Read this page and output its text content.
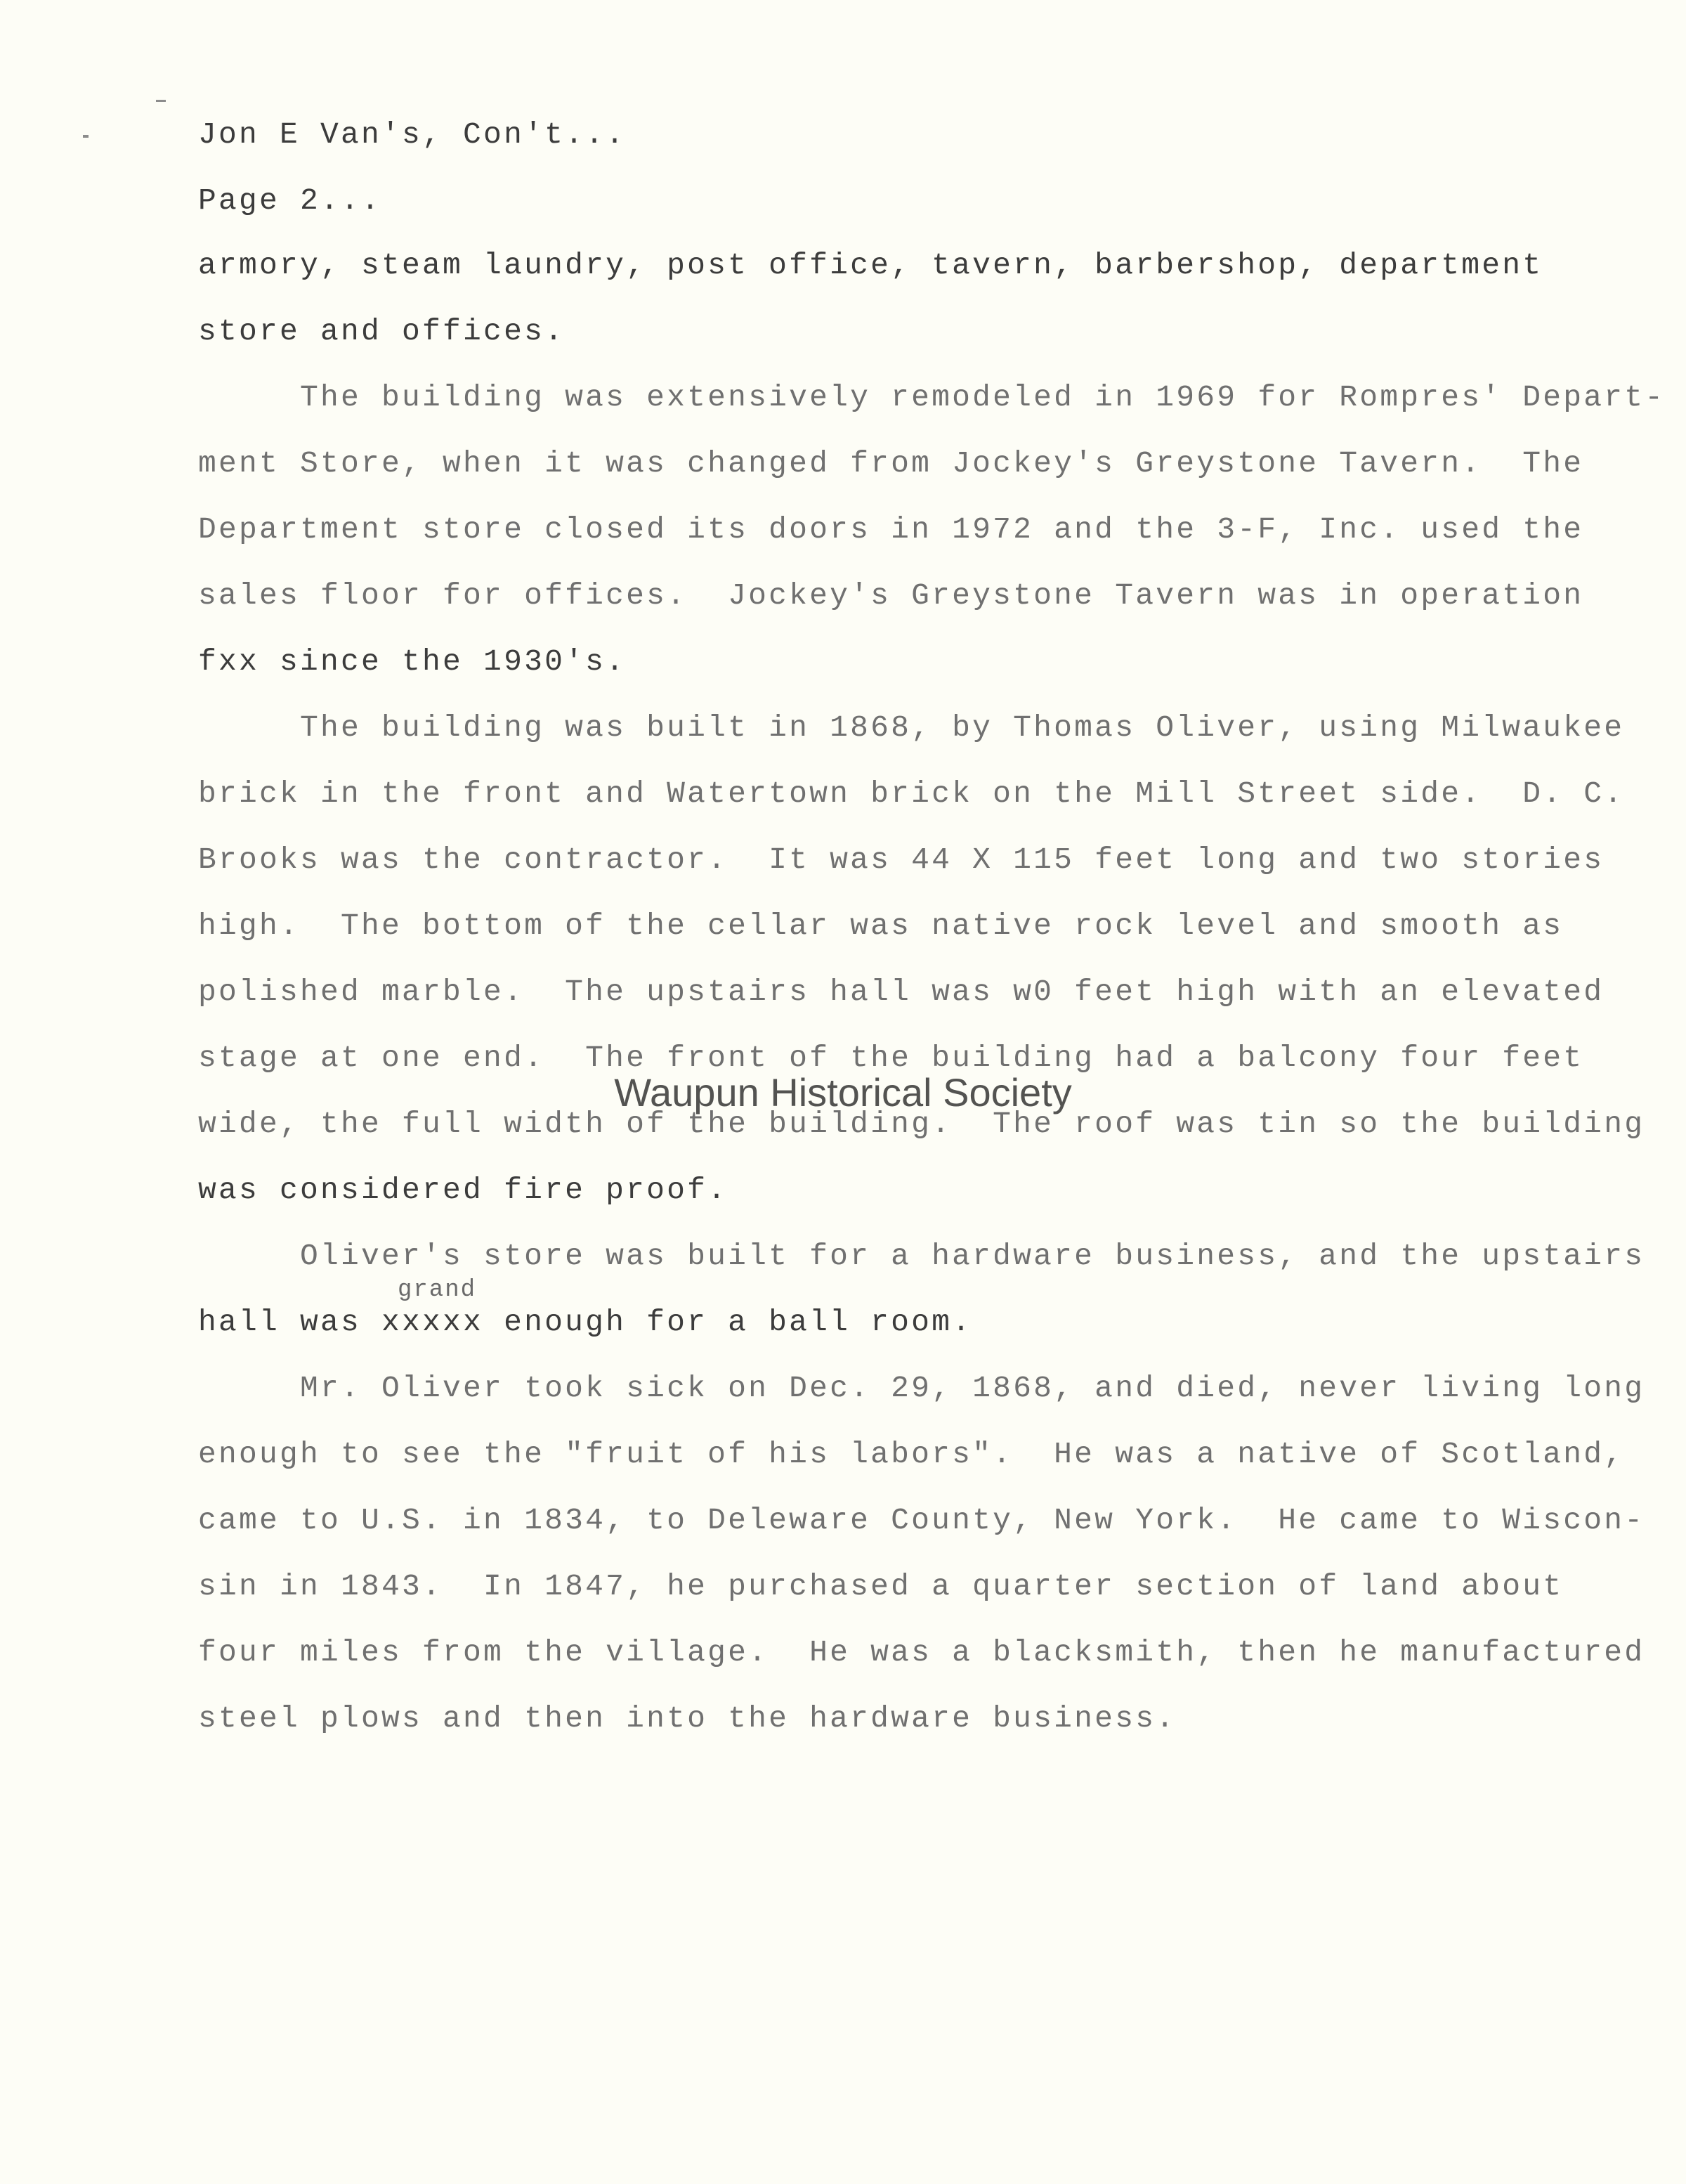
Jon E Van's, Con't...
Page 2...
armory, steam laundry, post office, tavern, barbershop, department
store and offices.
The building was extensively remodeled in 1969 for Rompres' Depart-
ment Store, when it was changed from Jockey's Greystone Tavern.  The
Department store closed its doors in 1972 and the 3-F, Inc. used the
sales floor for offices.  Jockey's Greystone Tavern was in operation
fxx since the 1930's.
The building was built in 1868, by Thomas Oliver, using Milwaukee
brick in the front and Watertown brick on the Mill Street side.  D. C.
Brooks was the contractor.  It was 44 X 115 feet long and two stories
high.  The bottom of the cellar was native rock level and smooth as
polished marble.  The upstairs hall was w0 feet high with an elevated
stage at one end.  The front of the building had a balcony four feet
wide, the full width of the building.  The roof was tin so the building
was considered fire proof.
Oliver's store was built for a hardware business, and the upstairs
grand
hall was xxxxx enough for a ball room.
Mr. Oliver took sick on Dec. 29, 1868, and died, never living long
enough to see the "fruit of his labors".  He was a native of Scotland,
came to U.S. in 1834, to Deleware County, New York.  He came to Wiscon-
sin in 1843.  In 1847, he purchased a quarter section of land about
four miles from the village.  He was a blacksmith, then he manufactured
steel plows and then into the hardware business.
Waupun Historical Society
